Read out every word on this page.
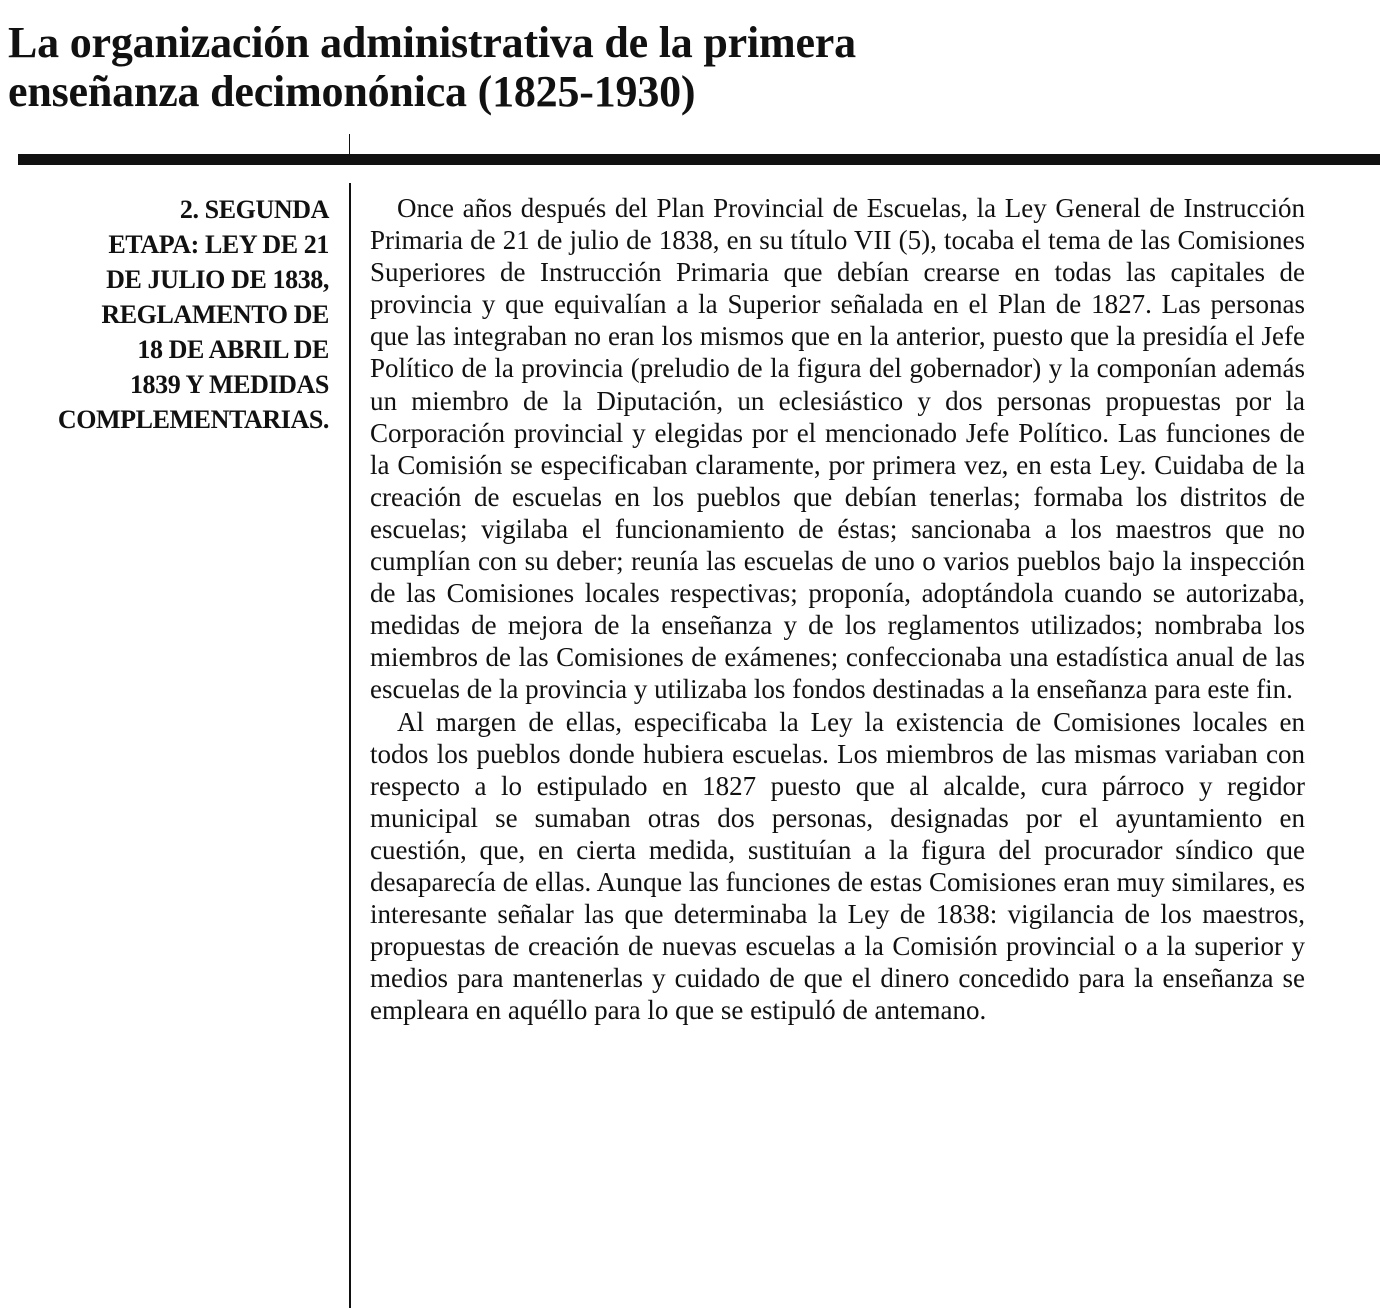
La organización administrativa de la primera
enseñanza decimonónica (1825-1930)
2. SEGUNDA
ETAPA: LEY DE 21
DE JULIO DE 1838,
REGLAMENTO DE
18 DE ABRIL DE
1839 Y MEDIDAS
COMPLEMENTARIAS.

Once años después del Plan Provincial de Escuelas, la Ley General de Instrucción Primaria de 21 de julio de 1838, en su título VII (5), tocaba el tema de las Comisiones Superiores de Instrucción Primaria que debían crearse en todas las capitales de provincia y que equivalían a la Superior señalada en el Plan de 1827. Las personas que las integraban no eran los mismos que en la anterior, puesto que la presidía el Jefe Político de la provincia (preludio de la figura del gobernador) y la componían además un miembro de la Diputación, un eclesiástico y dos personas propuestas por la Corporación provincial y elegidas por el mencionado Jefe Político. Las funciones de la Comisión se especificaban claramente, por primera vez, en esta Ley. Cuidaba de la creación de escuelas en los pueblos que debían tenerlas; formaba los distritos de escuelas; vigilaba el funcionamiento de éstas; sancionaba a los maestros que no cumplían con su deber; reunía las escuelas de uno o varios pueblos bajo la inspección de las Comisiones locales respectivas; proponía, adoptándola cuando se autorizaba, medidas de mejora de la enseñanza y de los reglamentos utilizados; nombraba los miembros de las Comisiones de exámenes; confeccionaba una estadística anual de las escuelas de la provincia y utilizaba los fondos destinadas a la enseñanza para este fin.

Al margen de ellas, especificaba la Ley la existencia de Comisiones locales en todos los pueblos donde hubiera escuelas. Los miembros de las mismas variaban con respecto a lo estipulado en 1827 puesto que al alcalde, cura párroco y regidor municipal se sumaban otras dos personas, designadas por el ayuntamiento en cuestión, que, en cierta medida, sustituían a la figura del procurador síndico que desaparecía de ellas. Aunque las funciones de estas Comisiones eran muy similares, es interesante señalar las que determinaba la Ley de 1838: vigilancia de los maestros, propuestas de creación de nuevas escuelas a la Comisión provincial o a la superior y medios para mantenerlas y cuidado de que el dinero concedido para la enseñanza se empleara en aquéllo para lo que se estipuló de antemano.
